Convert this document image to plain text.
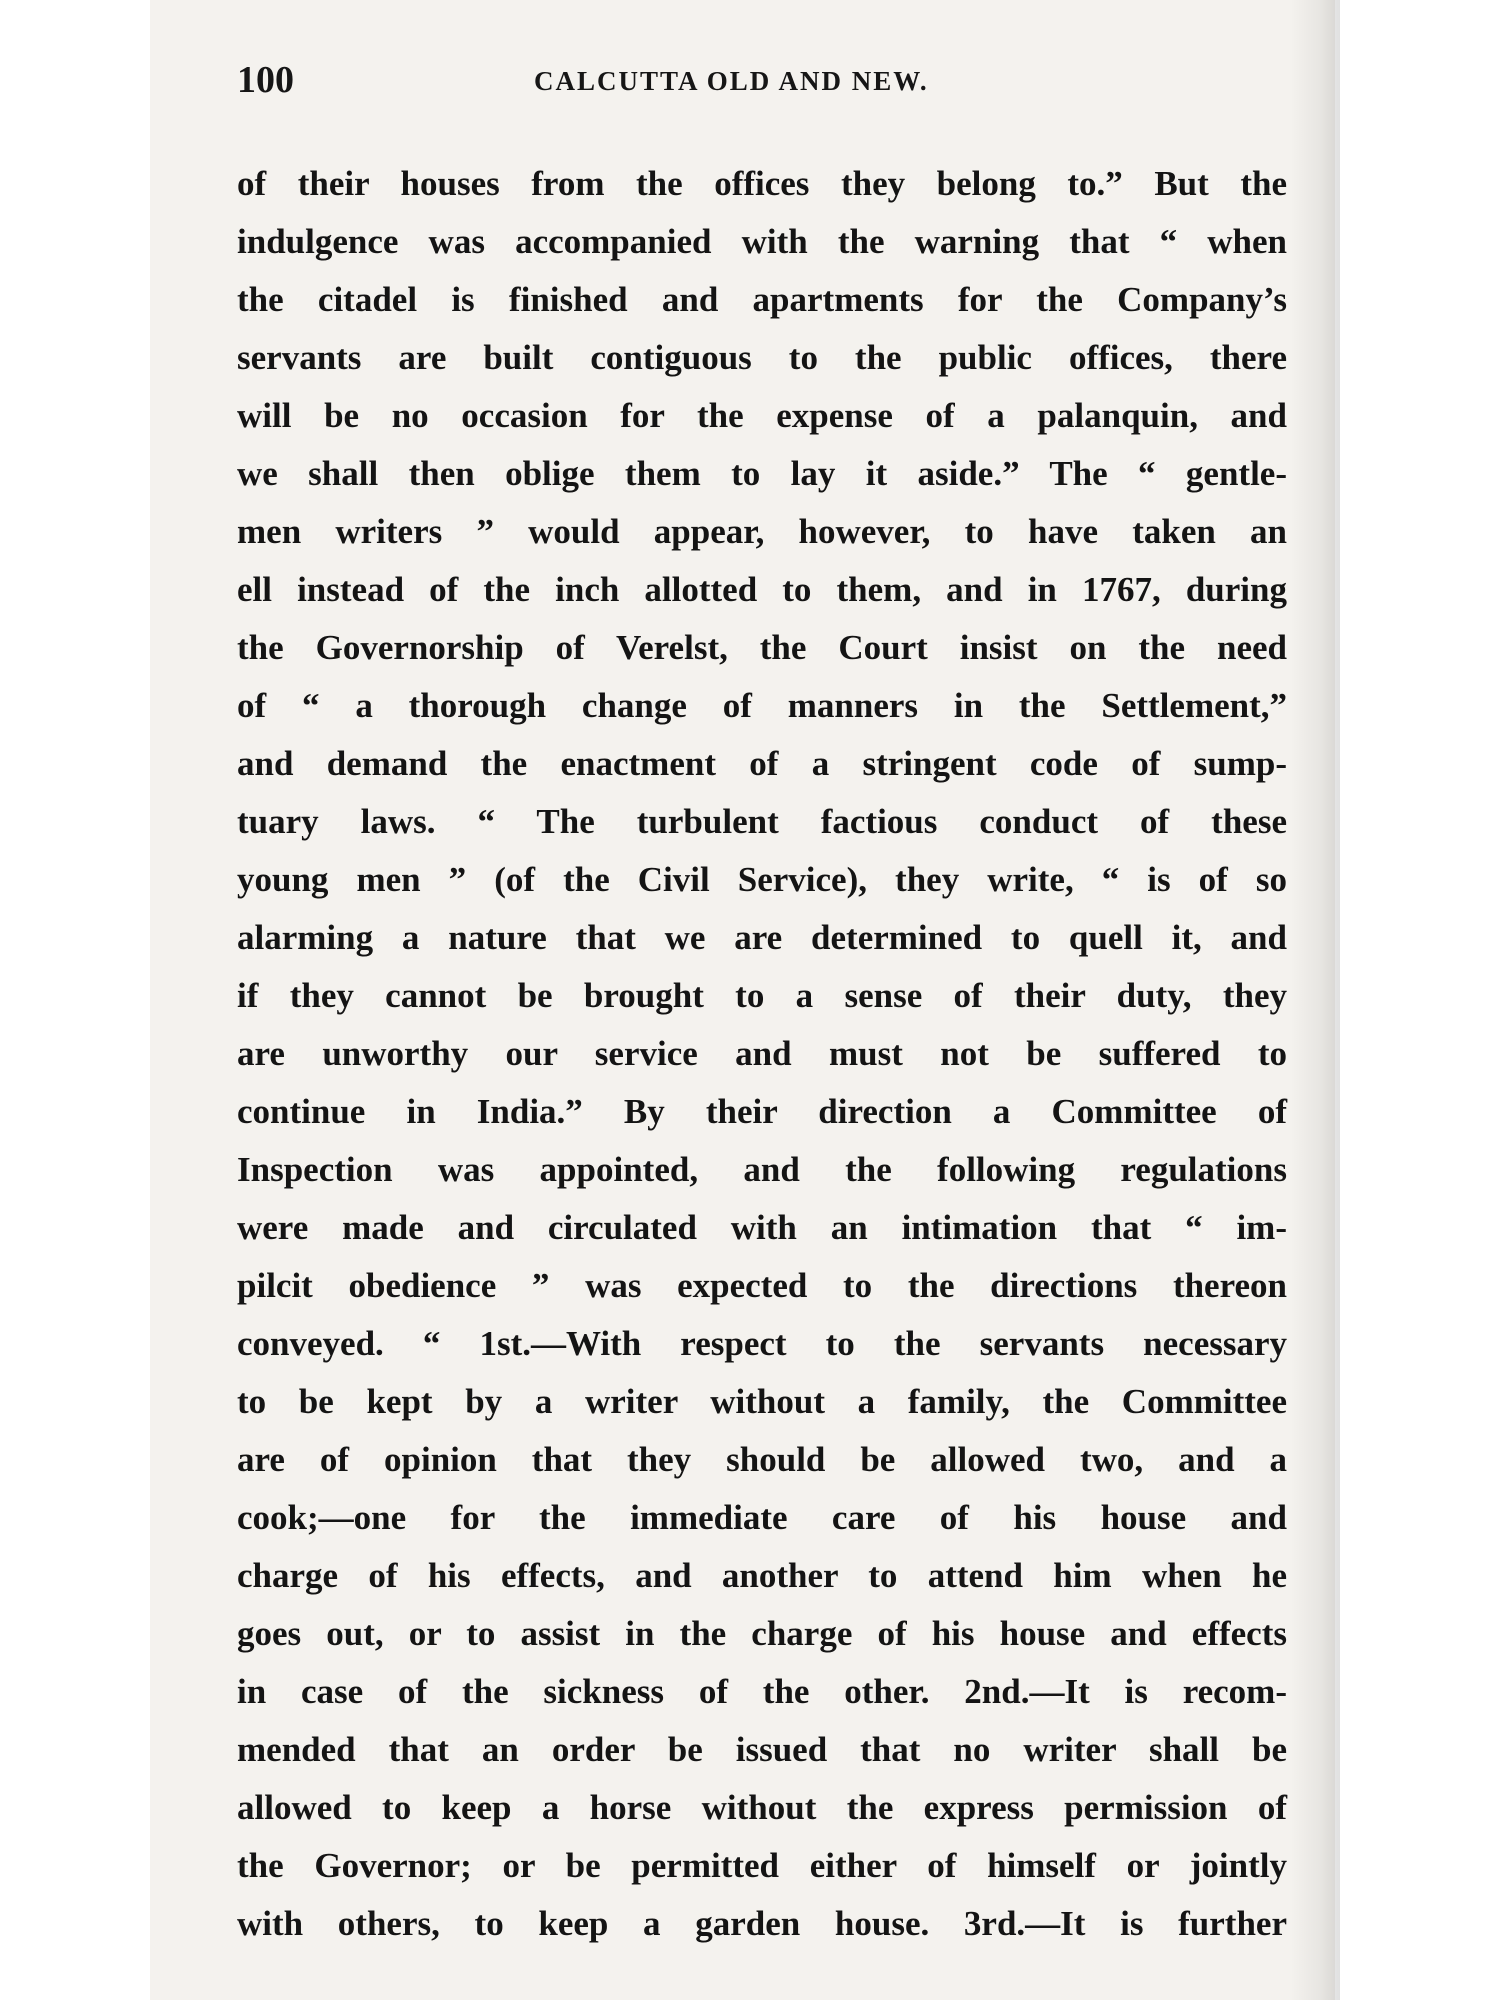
100	CALCUTTA OLD AND NEW.
of their houses from the offices they belong to.” But the
indulgence was accompanied with the warning that “ when
the citadel is finished and apartments for the Company’s
servants are built contiguous to the public offices, there
will be no occasion for the expense of a palanquin, and
we shall then oblige them to lay it aside.” The “ gentle-
men writers ” would appear, however, to have taken an
ell instead of the inch allotted to them, and in 1767, during
the Governorship of Verelst, the Court insist on the need
of “ a thorough change of manners in the Settlement,”
and demand the enactment of a stringent code of sump-
tuary laws. “ The turbulent factious conduct of these
young men ” (of the Civil Service), they write, “ is of so
alarming a nature that we are determined to quell it, and
if they cannot be brought to a sense of their duty, they
are unworthy our service and must not be suffered to
continue in India.” By their direction a Committee of
Inspection was appointed, and the following regulations
were made and circulated with an intimation that “ im-
pilcit obedience ” was expected to the directions thereon
conveyed. “ 1st.—With respect to the servants necessary
to be kept by a writer without a family, the Committee
are of opinion that they should be allowed two, and a
cook;—one for the immediate care of his house and
charge of his effects, and another to attend him when he
goes out, or to assist in the charge of his house and effects
in case of the sickness of the other. 2nd.—It is recom-
mended that an order be issued that no writer shall be
allowed to keep a horse without the express permission of
the Governor; or be permitted either of himself or jointly
with others, to keep a garden house. 3rd.—It is further
